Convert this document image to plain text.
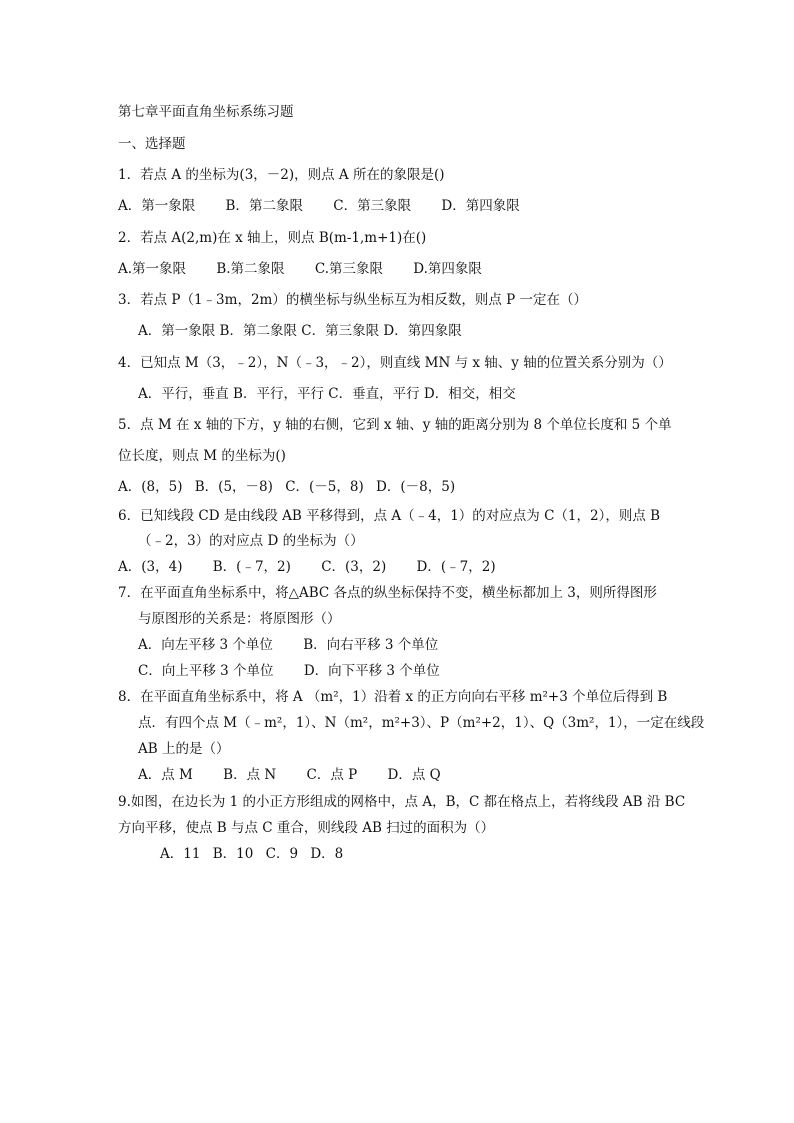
第七章平面直角坐标系练习题
一、选择题
1．若点 A 的坐标为(3，－2)，则点 A 所在的象限是()
A．第一象限 B．第二象限 C．第三象限 D．第四象限
2．若点 A(2,m)在 x 轴上，则点 B(m-1,m+1)在()
A.第一象限 B.第二象限 C.第三象限 D.第四象限
3．若点 P（1﹣3m，2m）的横坐标与纵坐标互为相反数，则点 P 一定在（）
A．第一象限 B．第二象限 C．第三象限 D．第四象限
4．已知点 M（3，﹣2），N（﹣3，﹣2），则直线 MN 与 x 轴、y 轴的位置关系分别为（）
A．平行，垂直 B．平行，平行 C．垂直，平行 D．相交，相交
5．点 M 在 x 轴的下方，y 轴的右侧，它到 x 轴、y 轴的距离分别为 8 个单位长度和 5 个单
位长度，则点 M 的坐标为()
A．(8，5) B．(5，－8) C．(－5，8) D．(－8，5)
6．已知线段 CD 是由线段 AB 平移得到，点 A（﹣4，1）的对应点为 C（1，2），则点 B
（﹣2，3）的对应点 D 的坐标为（）
A．(3，4) B．(﹣7，2) C．(3，2) D．(﹣7，2)
7．在平面直角坐标系中，将△ABC 各点的纵坐标保持不变，横坐标都加上 3，则所得图形
与原图形的关系是：将原图形（）
A．向左平移 3 个单位 B．向右平移 3 个单位
C．向上平移 3 个单位 D．向下平移 3 个单位
8．在平面直角坐标系中，将 A （m²，1）沿着 x 的正方向向右平移 m²+3 个单位后得到 B
点．有四个点 M（﹣m²，1）、N（m²，m²+3）、P（m²+2，1）、Q（3m²，1），一定在线段
AB 上的是（）
A．点 M B．点 N C．点 P D．点 Q
9.如图，在边长为 1 的小正方形组成的网格中，点 A，B，C 都在格点上，若将线段 AB 沿 BC
方向平移，使点 B 与点 C 重合，则线段 AB 扫过的面积为（）
A．11 B．10 C．9 D．8
